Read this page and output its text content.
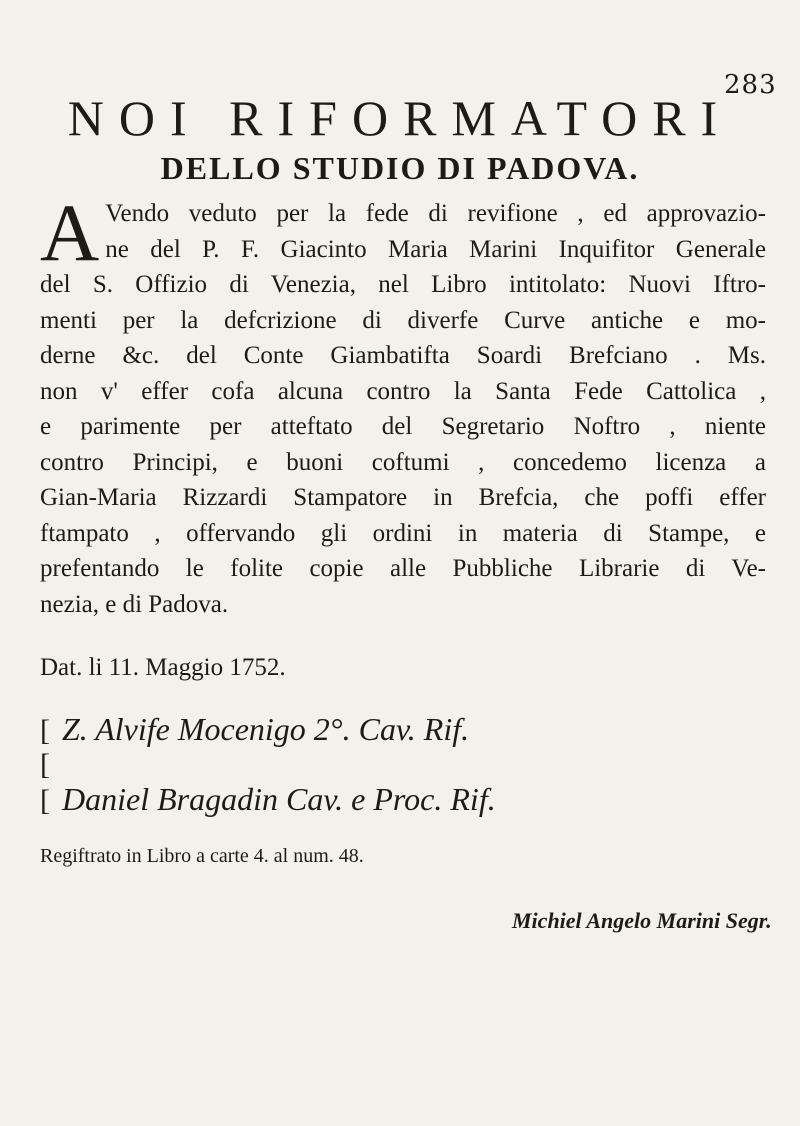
283
NOI RIFORMATORI
DELLO STUDIO DI PADOVA.
A Vendo veduto per la fede di revifione , ed approvazio-
ne del P. F. Giacinto Maria Marini Inquifitor Generale
del S. Offizio di Venezia, nel Libro intitolato: Nuovi Iftro-
menti per la defcrizione di diverfe Curve antiche e mo-
derne &c. del Conte Giambatifta Soardi Brefciano . Ms.
non v' effer cofa alcuna contro la Santa Fede Cattolica ,
e parimente per atteftato del Segretario Noftro , niente
contro Principi, e buoni coftumi , concedemo licenza a
Gian-Maria Rizzardi Stampatore in Brefcia, che poffi effer
ftampato , offervando gli ordini in materia di Stampe, e
prefentando le folite copie alle Pubbliche Librarie di Ve-
nezia, e di Padova.
Dat. li 11. Maggio 1752.
[ Z. Alvife Mocenigo 2°. Cav. Rif.
[
[ Daniel Bragadin Cav. e Proc. Rif.
Regiftrato in Libro a carte 4. al num. 48.
Michiel Angelo Marini Segr.
